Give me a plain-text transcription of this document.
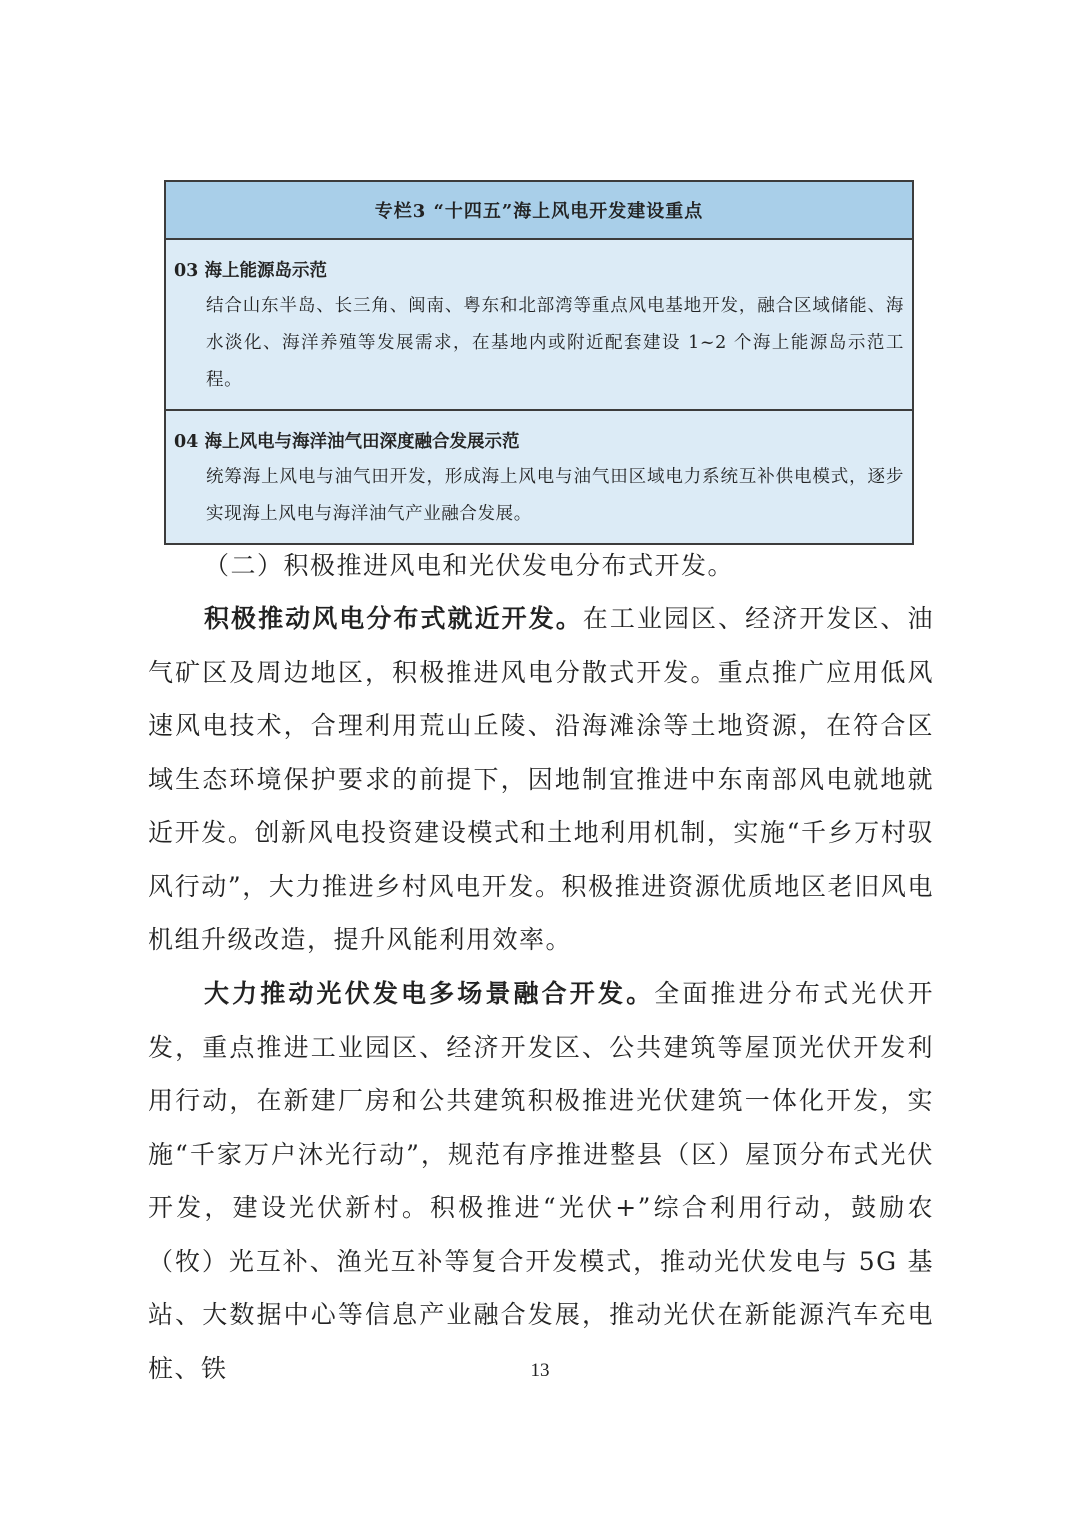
专栏3 “十四五”海上风电开发建设重点
03 海上能源岛示范
结合山东半岛、长三角、闽南、粤东和北部湾等重点风电基地开发，融合区域储能、海水淡化、海洋养殖等发展需求，在基地内或附近配套建设 1~2 个海上能源岛示范工程。
04 海上风电与海洋油气田深度融合发展示范
统筹海上风电与油气田开发，形成海上风电与油气田区域电力系统互补供电模式，逐步实现海上风电与海洋油气产业融合发展。
（二）积极推进风电和光伏发电分布式开发。
积极推动风电分布式就近开发。在工业园区、经济开发区、油气矿区及周边地区，积极推进风电分散式开发。重点推广应用低风速风电技术，合理利用荒山丘陵、沿海滩涂等土地资源，在符合区域生态环境保护要求的前提下，因地制宜推进中东南部风电就地就近开发。创新风电投资建设模式和土地利用机制，实施“千乡万村驭风行动”，大力推进乡村风电开发。积极推进资源优质地区老旧风电机组升级改造，提升风能利用效率。
大力推动光伏发电多场景融合开发。全面推进分布式光伏开发，重点推进工业园区、经济开发区、公共建筑等屋顶光伏开发利用行动，在新建厂房和公共建筑积极推进光伏建筑一体化开发，实施“千家万户沐光行动”，规范有序推进整县（区）屋顶分布式光伏开发，建设光伏新村。积极推进“光伏+”综合利用行动，鼓励农（牧）光互补、渔光互补等复合开发模式，推动光伏发电与 5G 基站、大数据中心等信息产业融合发展，推动光伏在新能源汽车充电桩、铁	13
